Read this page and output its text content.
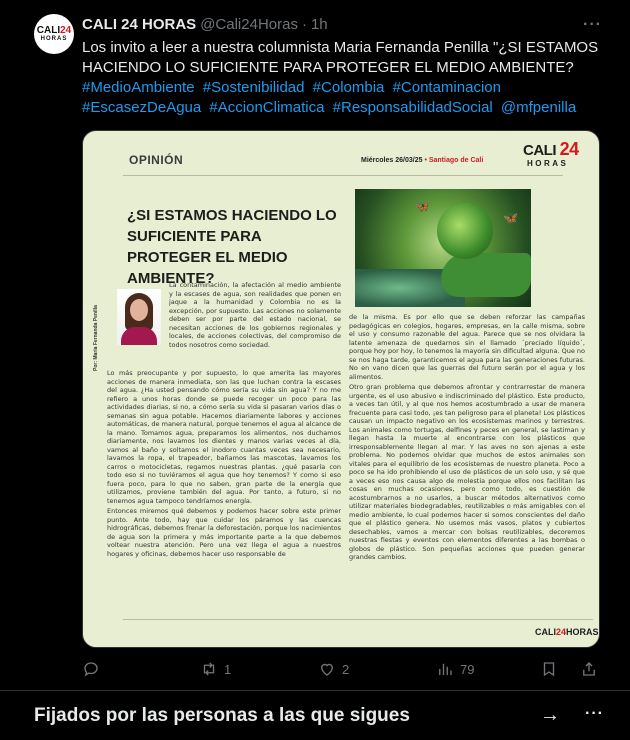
CALI24
HORAS
CALI 24 HORAS @Cali24Horas · 1h	···
Los invito a leer a nuestra columnista Maria Fernanda Penilla "¿SI ESTAMOS HACIENDO LO SUFICIENTE PARA PROTEGER EL MEDIO AMBIENTE?
#MedioAmbiente #Sostenibilidad #Colombia #Contaminacion #EscasezDeAgua #AccionClimatica #ResponsabilidadSocial @mfpenilla
OPINIÓN	Miércoles 26/03/25 • Santiago de Cali
CALI 24
HORAS
¿SI ESTAMOS HACIENDO LO SUFICIENTE PARA PROTEGER EL MEDIO AMBIENTE?
🦋
🦋
Por: María Fernanda Penilla
La contaminación, la afectación al medio ambiente y la escases de agua, son realidades que ponen en jaque a la humanidad y Colombia no es la excepción, por supuesto. Las acciones no solamente deben ser por parte del estado nacional, se necesitan acciones de los gobiernos regionales y locales, de acciones colectivas, del compromiso de todos nosotros como sociedad.

Lo más preocupante y por supuesto, lo que amerita las mayores acciones de manera inmediata, son las que luchan contra la escases del agua. ¿Ha usted pensando cómo sería su vida sin agua? Y no me refiero a unos horas donde se puede recoger un poco para las actividades diarias, si no, a cómo sería su vida si pasaran varios días o semanas sin agua potable. Hacemos diariamente labores y acciones automáticas, de manera natural, porque tenemos el agua al alcance de la mano. Tomamos agua, preparamos los alimentos, nos duchamos diariamente, nos lavamos los dientes y manos varias veces al día, vamos al baño y soltamos el inodoro cuantas veces sea necesario, lavamos la ropa, el trapeador, bañamos las mascotas, lavamos los carros o motocicletas, regamos nuestras plantas. ¿qué pasaría con todo eso si no tuviéramos el agua que hoy tenemos? Y como si eso fuera poco, para lo que no saben, gran parte de la energía que utilizamos, proviene también del agua. Por tanto, a futuro, si no tenemos agua tampoco tendríamos energía.

Entonces miremos qué debemos y podemos hacer sobre este primer punto. Ante todo, hay que cuidar los páramos y las cuencas hidrográficas, debemos frenar la deforestación, porque los nacimientos de agua son la primera y más importante parte a la que debemos voltear nuestra atención. Pero una vez llega el agua a nuestros hogares y oficinas, debemos hacer uso responsable de

de la misma. Es por ello que se deben reforzar las campañas pedagógicas en colegios, hogares, empresas, en la calle misma, sobre el uso y consumo razonable del agua. Parece que se nos olvidara la latente amenaza de quedarnos sin el llamado ´preciado líquido´, porque hoy por hoy, lo tenemos la mayoría sin dificultad alguna. Que no se nos haga tarde, garanticemos el agua para las generaciones futuras. No en vano dicen que las guerras del futuro serán por el agua y los alimentos.

Otro gran problema que debemos afrontar y contrarrestar de manera urgente, es el uso abusivo e indiscriminado del plástico. Este producto, a veces tan útil, y al que nos hemos acostumbrado a usar de manera frecuente para casi todo, ¡es tan peligroso para el planeta! Los plásticos causan un impacto negativo en los ecosistemas marinos y terrestres. Los animales como tortugas, delfines y peces en general, se lastiman y llegan hasta la muerte al encontrarse con los plásticos que irresponsablemente llegan al mar. Y las aves no son ajenas a este problema. No podemos olvidar que muchos de estos animales son vitales para el equilibrio de los ecosistemas de nuestro planeta. Poco a poco se ha ido prohibiendo el uso de plásticos de un solo uso, y sé que a veces eso nos causa algo de molestia porque ellos nos facilitan las cosas en muchas ocasiones, pero como todo, es cuestión de acostumbrarnos a no usarlos, a buscar métodos alternativos como utilizar materiales biodegradables, reutilizables o más amigables con el medio ambiente, lo cual podemos hacer si somos conscientes del daño que el plástico genera. No usemos más vasos, platos y cubiertos desechables, vamos a mercar con bolsas reutilizables, decoremos nuestras fiestas y eventos con elementos diferentes a las bombas o globos de plástico. Son pequeñas acciones que pueden generar grandes cambios.

CALI24HORAS
1	2	79
Fijados por las personas a las que sigues	→ ···
